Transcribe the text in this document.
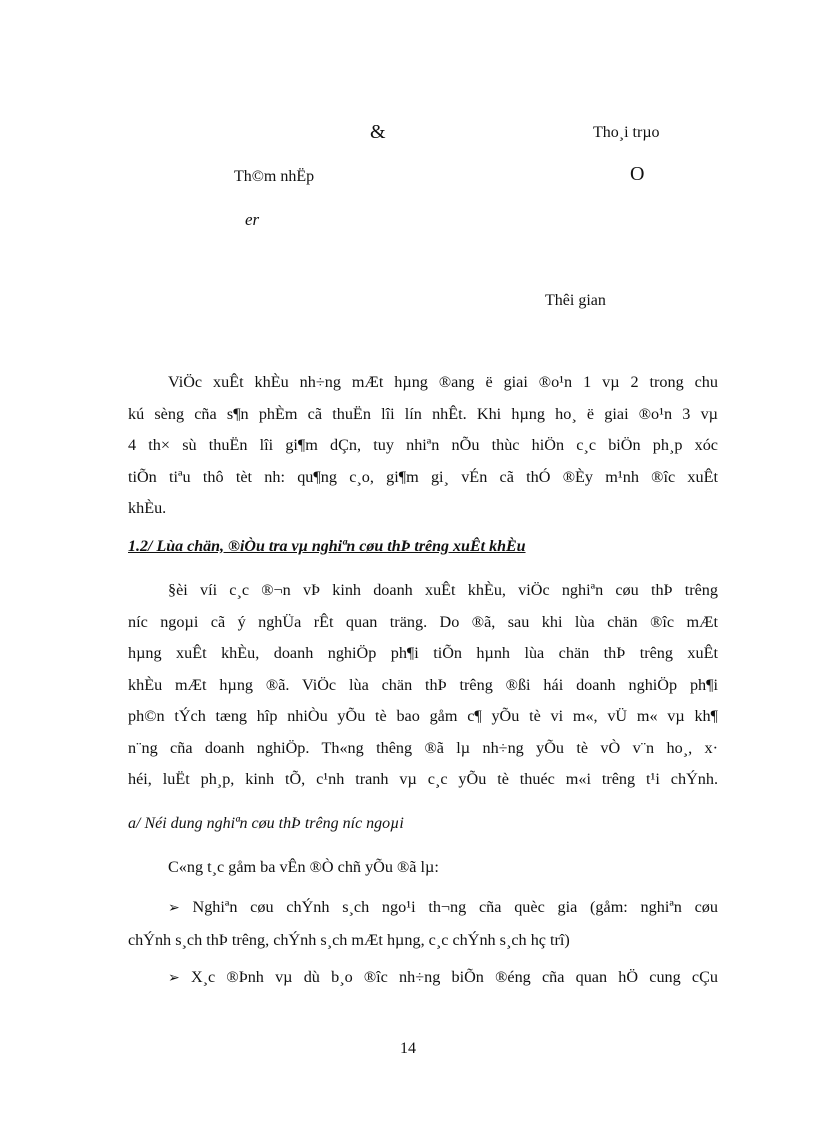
&	Tho¸i trµo
Th©m nhËp	O
er
Thêi gian
ViÖc xuÊt khÈu nh÷ng mÆt hµng ®ang ë giai ®o¹n 1 vµ 2 trong chu
kú sèng cña s¶n phÈm cã thuËn lîi lín nhÊt. Khi hµng ho¸ ë giai ®o¹n 3 vµ
4 th× sù thuËn lîi gi¶m dÇn, tuy nhiªn nÕu thùc hiÖn c¸c biÖn ph¸p xóc
tiÕn tiªu thô tèt nh: qu¶ng c¸o, gi¶m gi¸ vÉn cã thÓ ®Èy m¹nh ®îc xuÊt
khÈu.
1.2/ Lùa chän, ®iÒu tra vµ nghiªn cøu thÞ trêng xuÊt khÈu
§èi víi c¸c ®¬n vÞ kinh doanh xuÊt khÈu, viÖc nghiªn cøu thÞ trêng
níc ngoµi cã ý nghÜa rÊt quan träng. Do ®ã, sau khi lùa chän ®îc mÆt
hµng xuÊt khÈu, doanh nghiÖp ph¶i tiÕn hµnh lùa chän thÞ trêng xuÊt
khÈu mÆt hµng ®ã. ViÖc lùa chän thÞ trêng ®ßi hái doanh nghiÖp ph¶i
ph©n tÝch tæng hîp nhiÒu yÕu tè bao gåm c¶ yÕu tè vi m«, vÜ m« vµ kh¶
n¨ng cña doanh nghiÖp. Th«ng thêng ®ã lµ nh÷ng yÕu tè vÒ v¨n ho¸, x·
héi, luËt ph¸p, kinh tÕ, c¹nh tranh vµ c¸c yÕu tè thuéc m«i trêng t¹i chÝnh.
a/ Néi dung nghiªn cøu thÞ trêng níc ngoµi
C«ng t¸c gåm ba vÊn ®Ò chñ yÕu ®ã lµ:
➢ Nghiªn cøu chÝnh s¸ch ngo¹i th¬ng cña quèc gia (gåm: nghiªn cøu
chÝnh s¸ch thÞ trêng, chÝnh s¸ch mÆt hµng, c¸c chÝnh s¸ch hç trî)
➢ X¸c ®Þnh vµ dù b¸o ®îc nh÷ng biÕn ®éng cña quan hÖ cung cÇu
14
